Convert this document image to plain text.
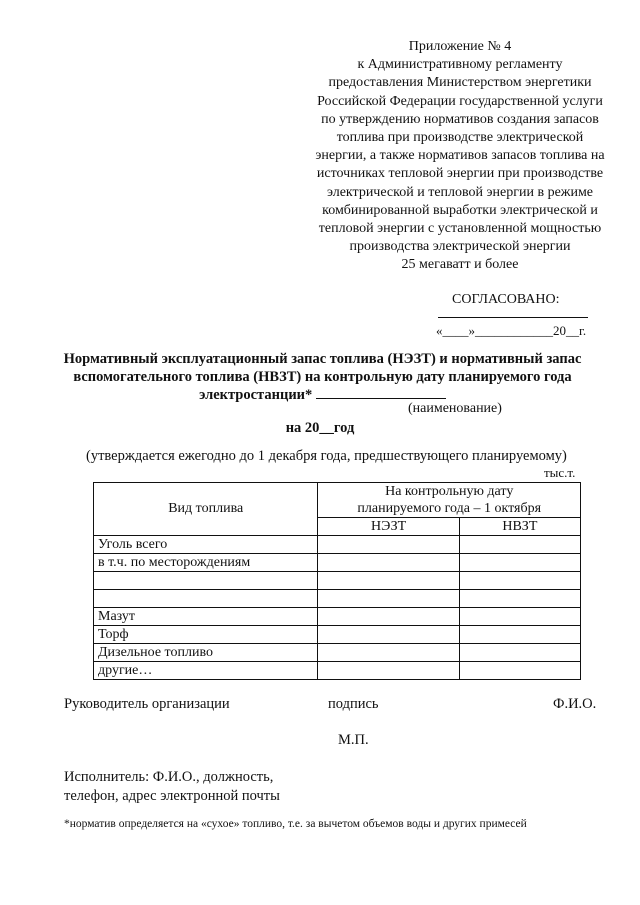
Приложение № 4
к Административному регламенту
предоставления Министерством энергетики
Российской Федерации государственной услуги
по утверждению нормативов создания запасов
топлива при производстве электрической
энергии, а также нормативов запасов топлива на
источниках тепловой энергии при производстве
электрической и тепловой энергии в режиме
комбинированной выработки электрической и
тепловой энергии с установленной мощностью
производства электрической энергии
25 мегаватт и более
СОГЛАСОВАНО:
«____»____________20__г.
Нормативный эксплуатационный запас топлива (НЭЗТ) и нормативный запас
вспомогательного топлива (НВЗТ) на контрольную дату планируемого года
электростанции*
(наименование)
на 20__год
(утверждается ежегодно до 1 декабря года, предшествующего планируемому)
тыс.т.
Вид топлива	На контрольную дату
планируемого года – 1 октября	

	НЭЗТ	НВЗТ
Уголь всего		
в т.ч. по месторождениям		

Мазут		
Торф		
Дизельное топливо		
другие…		
Руководитель организации	подпись	Ф.И.О.
М.П.
Исполнитель: Ф.И.О., должность,
телефон, адрес электронной почты
*норматив определяется на «сухое» топливо, т.е. за вычетом объемов воды и других примесей
